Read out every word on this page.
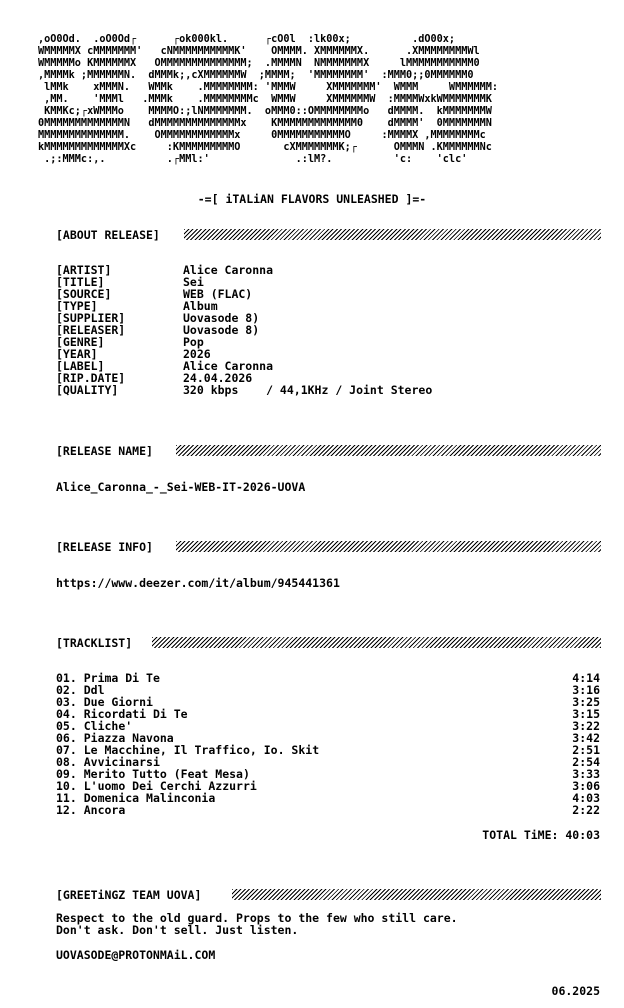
,oO0Od.  .oO0Od┌      ┌ok000kl.      ┌cO0l  :lk00x;          .dO00x;
WMMMMMX cMMMMMMM'   cNMMMMMMMMMMK'    OMMMM. XMMMMMMX.      .XMMMMMMMMWl
WMMMMMo KMMMMMMX   OMMMMMMMMMMMMMM;  .MMMMN  NMMMMMMMX     lMMMMMMMMMMM0
,MMMMk ;MMMMMMN.  dMMMk;,cXMMMMMMW  ;MMMM;  'MMMMMMMM'  :MMM0;;0MMMMMM0
lMMk    xMMMN.   WMMk    .MMMMMMMM: 'MMMW     XMMMMMMM'  WMMM     WMMMMMM:
,MM.    'MMMl   .MMMk    .MMMMMMMMc  WMMW     XMMMMMMW  :MMMMWxkWMMMMMMMK
KMMKc;┌xWMMMo    MMMMO:;lNMMMMMMM.  oMMM0::OMMMMMMMMo   dMMMM.  kMMMMMMMW
0MMMMMMMMMMMMMN   dMMMMMMMMMMMMMMx    KMMMMMMMMMMMMM0    dMMMM'  0MMMMMMMN
MMMMMMMMMMMMMM.    OMMMMMMMMMMMMx     0MMMMMMMMMMMO     :MMMMX ,MMMMMMMMc
kMMMMMMMMMMMMMXc     :KMMMMMMMMMO       cXMMMMMMMK;┌      OMMMN .KMMMMMMNc
.;:MMMc:,.          .┌MMl:'              .:lM?.          'c:    'clc'
-=[ iTALiAN FLAVORS UNLEASHED ]=-
[ABOUT RELEASE]
[ARTIST]	Alice Caronna
[TITLE]	Sei
[SOURCE]	WEB (FLAC)
[TYPE]	Album
[SUPPLIER]	Uovasode 8)
[RELEASER]	Uovasode 8)
[GENRE]	Pop
[YEAR]	2026
[LABEL]	Alice Caronna
[RIP.DATE]	24.04.2026
[QUALITY]	320 kbps    / 44,1KHz / Joint Stereo
[RELEASE NAME]
Alice_Caronna_-_Sei-WEB-IT-2026-UOVA
[RELEASE INFO]
https://www.deezer.com/it/album/945441361
[TRACKLIST]
01. Prima Di Te	4:14
02. Ddl	3:16
03. Due Giorni	3:25
04. Ricordati Di Te	3:15
05. Cliche'	3:22
06. Piazza Navona	3:42
07. Le Macchine, Il Traffico, Io. Skit	2:51
08. Avvicinarsi	2:54
09. Merito Tutto (Feat Mesa)	3:33
10. L'uomo Dei Cerchi Azzurri	3:06
11. Domenica Malinconia	4:03
12. Ancora	2:22
TOTAL TiME: 40:03
[GREETiNGZ TEAM UOVA]
Respect to the old guard. Props to the few who still care.
Don't ask. Don't sell. Just listen.
UOVASODE@PROTONMAiL.COM
06.2025
